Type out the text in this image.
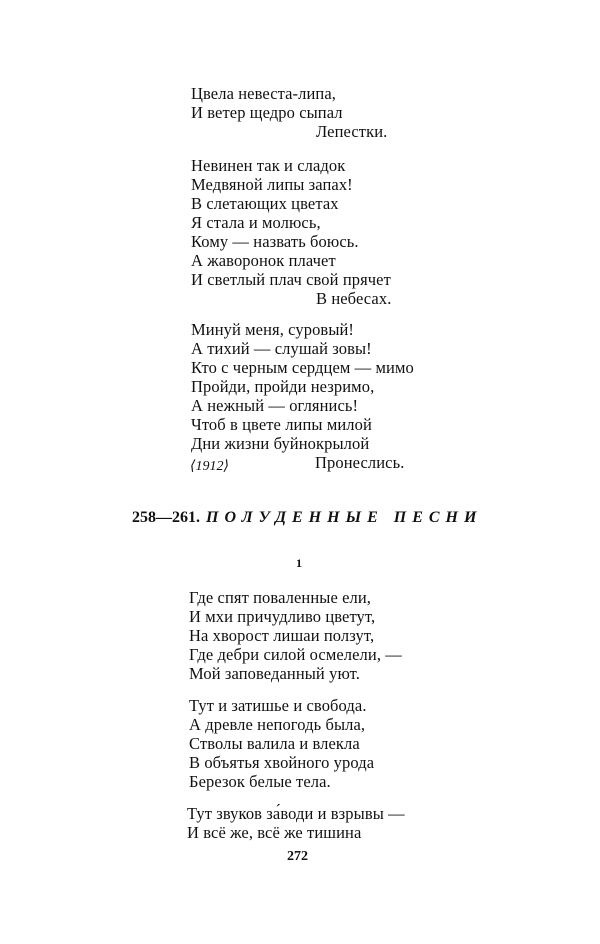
Цвела невеста-липа,
И ветер щедро сыпал
Лепестки.
Невинен так и сладок
Медвяной липы запах!
В слетающих цветах
Я стала и молюсь,
Кому — назвать боюсь.
А жаворонок плачет
И светлый плач свой прячет
В небесах.
Минуй меня, суровый!
А тихий — слушай зовы!
Кто с черным сердцем — мимо
Пройди, пройди незримо,
А нежный — оглянись!
Чтоб в цвете липы милой
Дни жизни буйнокрылой
Пронеслись.
⟨1912⟩
258—261. ПОЛУДЕННЫЕ ПЕСНИ
1
Где спят поваленные ели,
И мхи причудливо цветут,
На хворост лишаи ползут,
Где дебри силой осмелели, —
Мой заповеданный уют.
Тут и затишье и свобода.
А древле непогодь была,
Стволы валила и влекла
В объятья хвойного урода
Березок белые тела.
Тут звуков за́води и взрывы —
И всё же, всё же тишина
272
